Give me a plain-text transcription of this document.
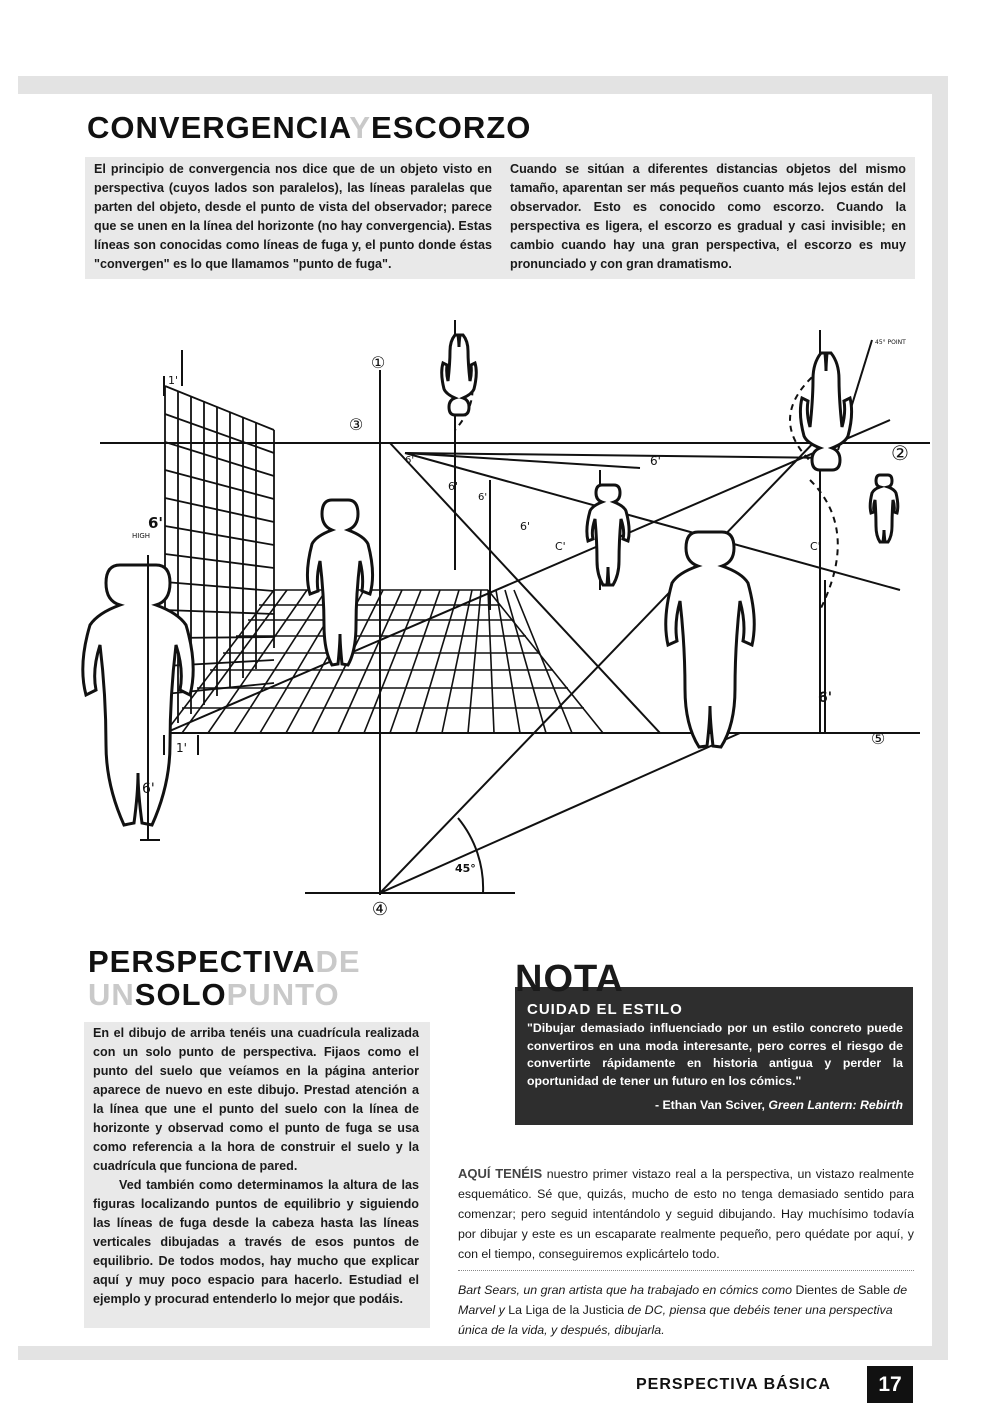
CONVERGENCIAYESCORZO
El principio de convergencia nos dice que de un objeto visto en perspectiva (cuyos lados son paralelos), las líneas paralelas que parten del objeto, desde el punto de vista del observador; parece que se unen en la línea del horizonte (no hay convergencia). Estas líneas son conocidas como líneas de fuga y, el punto donde éstas "convergen" es lo que llamamos "punto de fuga".
Cuando se sitúan a diferentes distancias objetos del mismo tamaño, aparentan ser más pequeños cuanto más lejos están del observador. Esto es conocido como escorzo. Cuando la perspectiva es ligera, el escorzo es gradual y casi invisible; en cambio cuando hay una gran perspectiva, el escorzo es muy pronunciado y con gran dramatismo.
①
②
③
④
⑤
6'
HIGH
1'
1'
6'
6'
45°
45° POINT
6'
6'
C'
6'
C'
6'
6'
PERSPECTIVADE
UNSOLOPUNTO

En el dibujo de arriba tenéis una cuadrícula realizada con un solo punto de perspectiva. Fijaos como el punto del suelo que veíamos en la página anterior aparece de nuevo en este dibujo. Prestad atención a la línea que une el punto del suelo con la línea de horizonte y observad como el punto de fuga se usa como referencia a la hora de construir el suelo y la cuadrícula que funciona de pared.

Ved también como determinamos la altura de las figuras localizando puntos de equilibrio y siguiendo las líneas de fuga desde la cabeza hasta las líneas verticales dibujadas a través de esos puntos de equilibrio. De todos modos, hay mucho que explicar aquí y muy poco espacio para hacerlo. Estudiad el ejemplo y procurad entenderlo lo mejor que podáis.

NOTA
CUIDAD EL ESTILO
"Dibujar demasiado influenciado por un estilo concreto puede convertiros en una moda interesante, pero corres el riesgo de convertirte rápidamente en historia antigua y perder la oportunidad de tener un futuro en los cómics."
- Ethan Van Sciver, Green Lantern: Rebirth
AQUÍ TENÉIS nuestro primer vistazo real a la perspectiva, un vistazo realmente esquemático. Sé que, quizás, mucho de esto no tenga demasiado sentido para comenzar; pero seguid intentándolo y seguid dibujando. Hay muchísimo todavía por dibujar y este es un escaparate realmente pequeño, pero quédate por aquí, y con el tiempo, conseguiremos explicártelo todo.
Bart Sears, un gran artista que ha trabajado en cómics como Dientes de Sable de Marvel y La Liga de la Justicia de DC, piensa que debéis tener una perspectiva única de la vida, y después, dibujarla.
PERSPECTIVA BÁSICA	17
